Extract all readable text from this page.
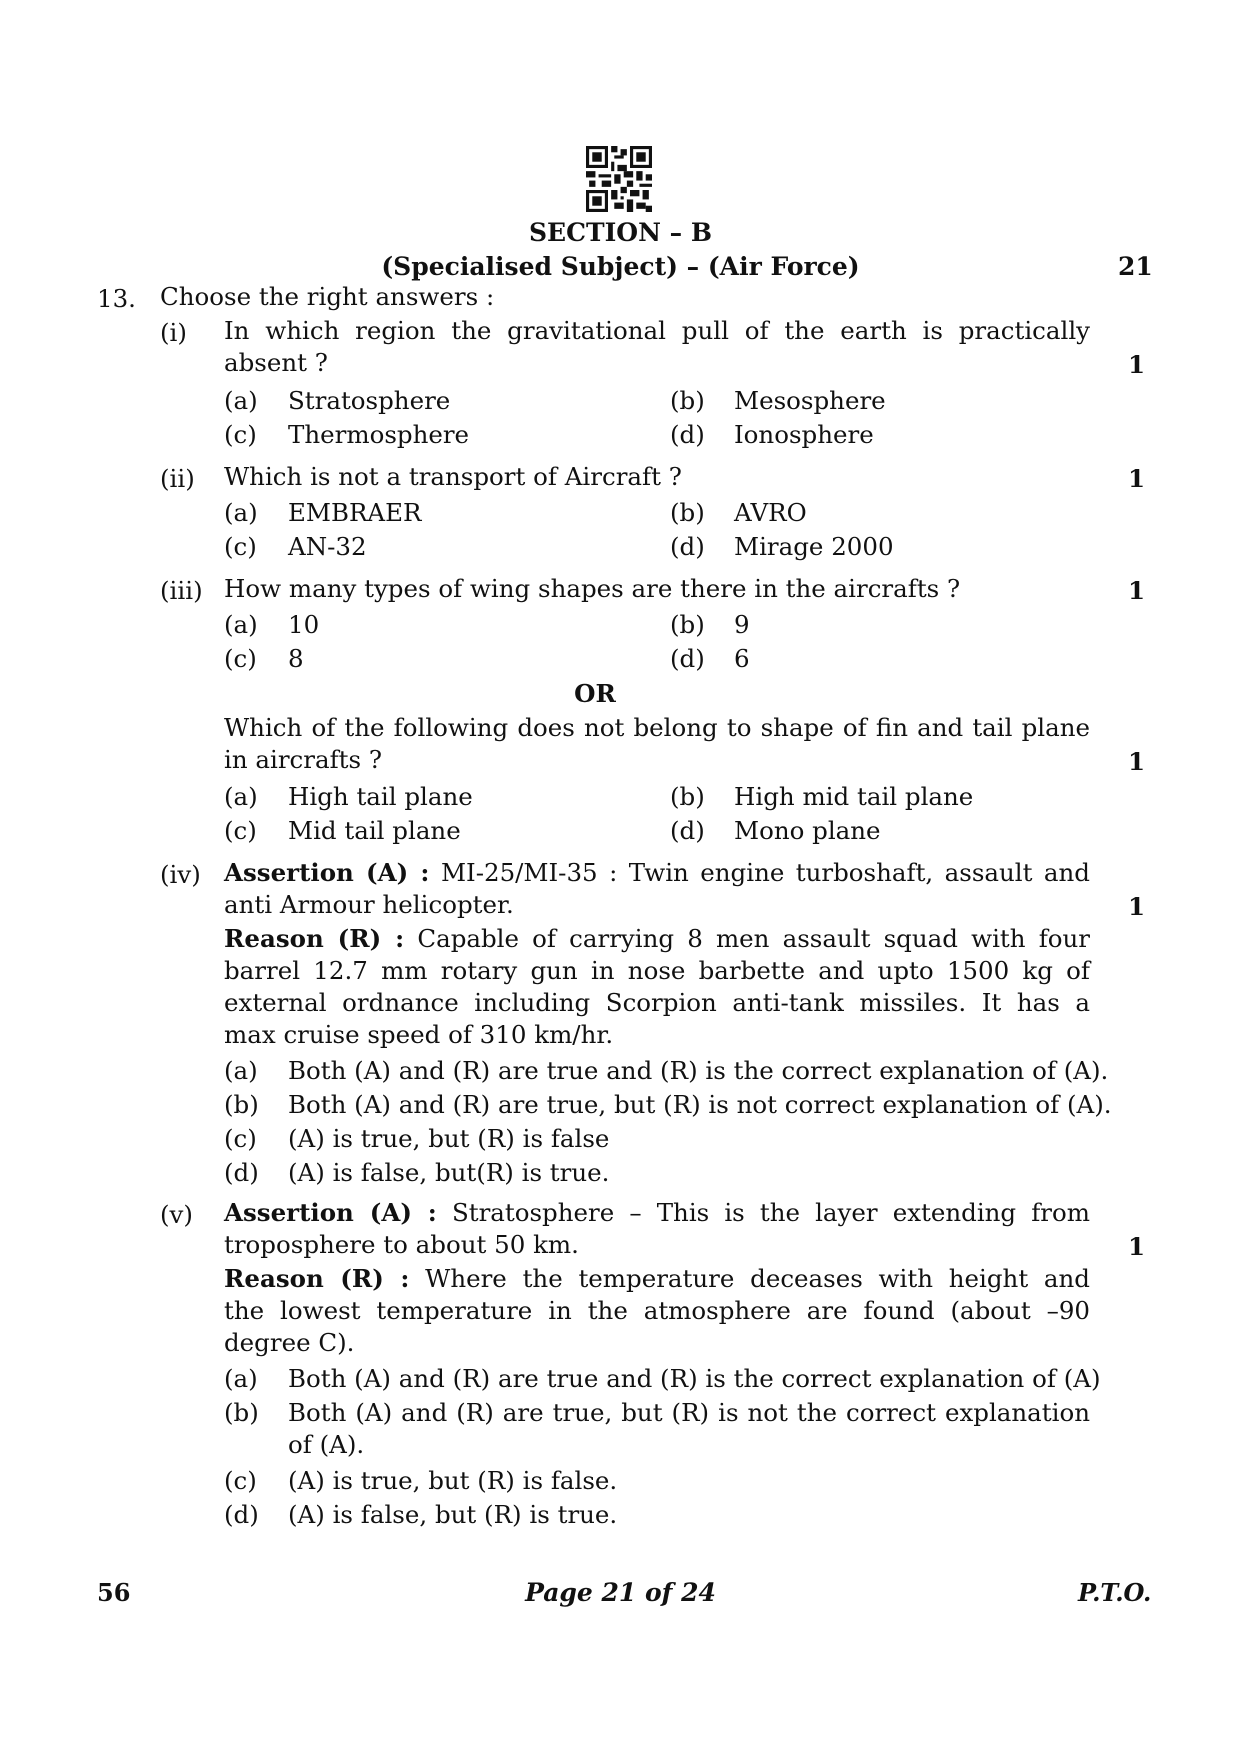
SECTION – B
(Specialised Subject) – (Air Force)	21
13. Choose the right answers :
(i) In which region the gravitational pull of the earth is practically
absent ?	1
(a) Stratosphere	(b) Mesosphere
(c) Thermosphere	(d) Ionosphere
(ii) Which is not a transport of Aircraft ?	1
(a) EMBRAER	(b) AVRO
(c) AN-32	(d) Mirage 2000
(iii) How many types of wing shapes are there in the aircrafts ?	1
(a) 10	(b) 9
(c) 8	(d) 6
OR
Which of the following does not belong to shape of fin and tail plane
in aircrafts ?	1
(a) High tail plane	(b) High mid tail plane
(c) Mid tail plane	(d) Mono plane
(iv) Assertion (A) : MI-25/MI-35 : Twin engine turboshaft, assault and
anti Armour helicopter.	1
Reason (R) : Capable of carrying 8 men assault squad with four
barrel 12.7 mm rotary gun in nose barbette and upto 1500 kg of
external ordnance including Scorpion anti-tank missiles. It has a
max cruise speed of 310 km/hr.
(a) Both (A) and (R) are true and (R) is the correct explanation of (A).
(b) Both (A) and (R) are true, but (R) is not correct explanation of (A).
(c) (A) is true, but (R) is false
(d) (A) is false, but(R) is true.
(v) Assertion (A) : Stratosphere – This is the layer extending from
troposphere to about 50 km.	1
Reason (R) : Where the temperature deceases with height and
the lowest temperature in the atmosphere are found (about –90
degree C).
(a) Both (A) and (R) are true and (R) is the correct explanation of (A)
(b) Both (A) and (R) are true, but (R) is not the correct explanation
of (A).
(c) (A) is true, but (R) is false.
(d) (A) is false, but (R) is true.
56	Page 21 of 24	P.T.O.
